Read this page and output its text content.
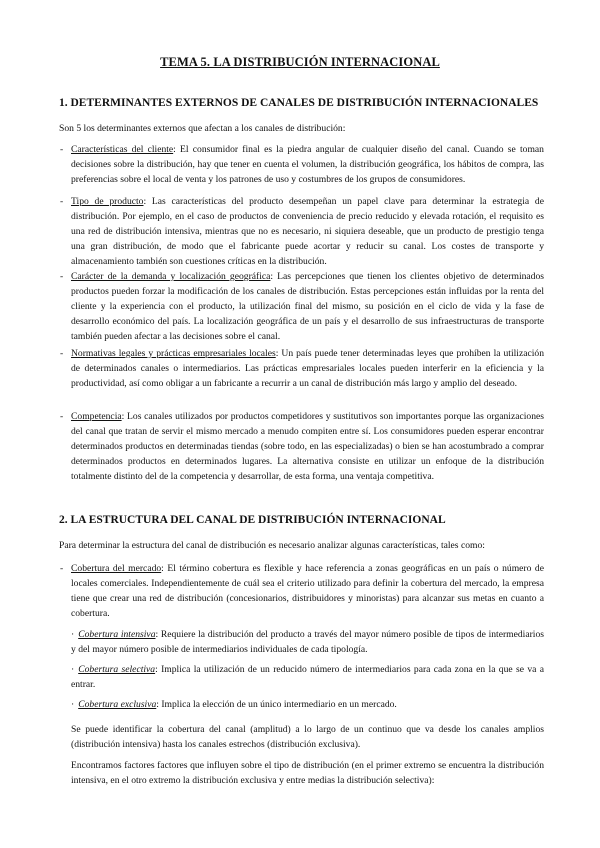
TEMA 5. LA DISTRIBUCIÓN INTERNACIONAL
1. DETERMINANTES EXTERNOS DE CANALES DE DISTRIBUCIÓN INTERNACIONALES
Son 5 los determinantes externos que afectan a los canales de distribución:
- Características del cliente: El consumidor final es la piedra angular de cualquier diseño del canal. Cuando se toman decisiones sobre la distribución, hay que tener en cuenta el volumen, la distribución geográfica, los hábitos de compra, las preferencias sobre el local de venta y los patrones de uso y costumbres de los grupos de consumidores.
- Tipo de producto: Las características del producto desempeñan un papel clave para determinar la estrategia de distribución. Por ejemplo, en el caso de productos de conveniencia de precio reducido y elevada rotación, el requisito es una red de distribución intensiva, mientras que no es necesario, ni siquiera deseable, que un producto de prestigio tenga una gran distribución, de modo que el fabricante puede acortar y reducir su canal. Los costes de transporte y almacenamiento también son cuestiones críticas en la distribución.
- Carácter de la demanda y localización geográfica: Las percepciones que tienen los clientes objetivo de determinados productos pueden forzar la modificación de los canales de distribución. Estas percepciones están influidas por la renta del cliente y la experiencia con el producto, la utilización final del mismo, su posición en el ciclo de vida y la fase de desarrollo económico del país. La localización geográfica de un país y el desarrollo de sus infraestructuras de transporte también pueden afectar a las decisiones sobre el canal.
- Normativas legales y prácticas empresariales locales: Un país puede tener determinadas leyes que prohíben la utilización de determinados canales o intermediarios. Las prácticas empresariales locales pueden interferir en la eficiencia y la productividad, así como obligar a un fabricante a recurrir a un canal de distribución más largo y amplio del deseado.
- Competencia: Los canales utilizados por productos competidores y sustitutivos son importantes porque las organizaciones del canal que tratan de servir el mismo mercado a menudo compiten entre sí. Los consumidores pueden esperar encontrar determinados productos en determinadas tiendas (sobre todo, en las especializadas) o bien se han acostumbrado a comprar determinados productos en determinados lugares. La alternativa consiste en utilizar un enfoque de la distribución totalmente distinto del de la competencia y desarrollar, de esta forma, una ventaja competitiva.
2. LA ESTRUCTURA DEL CANAL DE DISTRIBUCIÓN INTERNACIONAL
Para determinar la estructura del canal de distribución es necesario analizar algunas características, tales como:
- Cobertura del mercado: El término cobertura es flexible y hace referencia a zonas geográficas en un país o número de locales comerciales. Independientemente de cuál sea el criterio utilizado para definir la cobertura del mercado, la empresa tiene que crear una red de distribución (concesionarios, distribuidores y minoristas) para alcanzar sus metas en cuanto a cobertura.
· Cobertura intensiva: Requiere la distribución del producto a través del mayor número posible de tipos de intermediarios y del mayor número posible de intermediarios individuales de cada tipología.
· Cobertura selectiva: Implica la utilización de un reducido número de intermediarios para cada zona en la que se va a entrar.
· Cobertura exclusiva: Implica la elección de un único intermediario en un mercado.
Se puede identificar la cobertura del canal (amplitud) a lo largo de un continuo que va desde los canales amplios (distribución intensiva) hasta los canales estrechos (distribución exclusiva).
Encontramos factores factores que influyen sobre el tipo de distribución (en el primer extremo se encuentra la distribución intensiva, en el otro extremo la distribución exclusiva y entre medias la distribución selectiva):
